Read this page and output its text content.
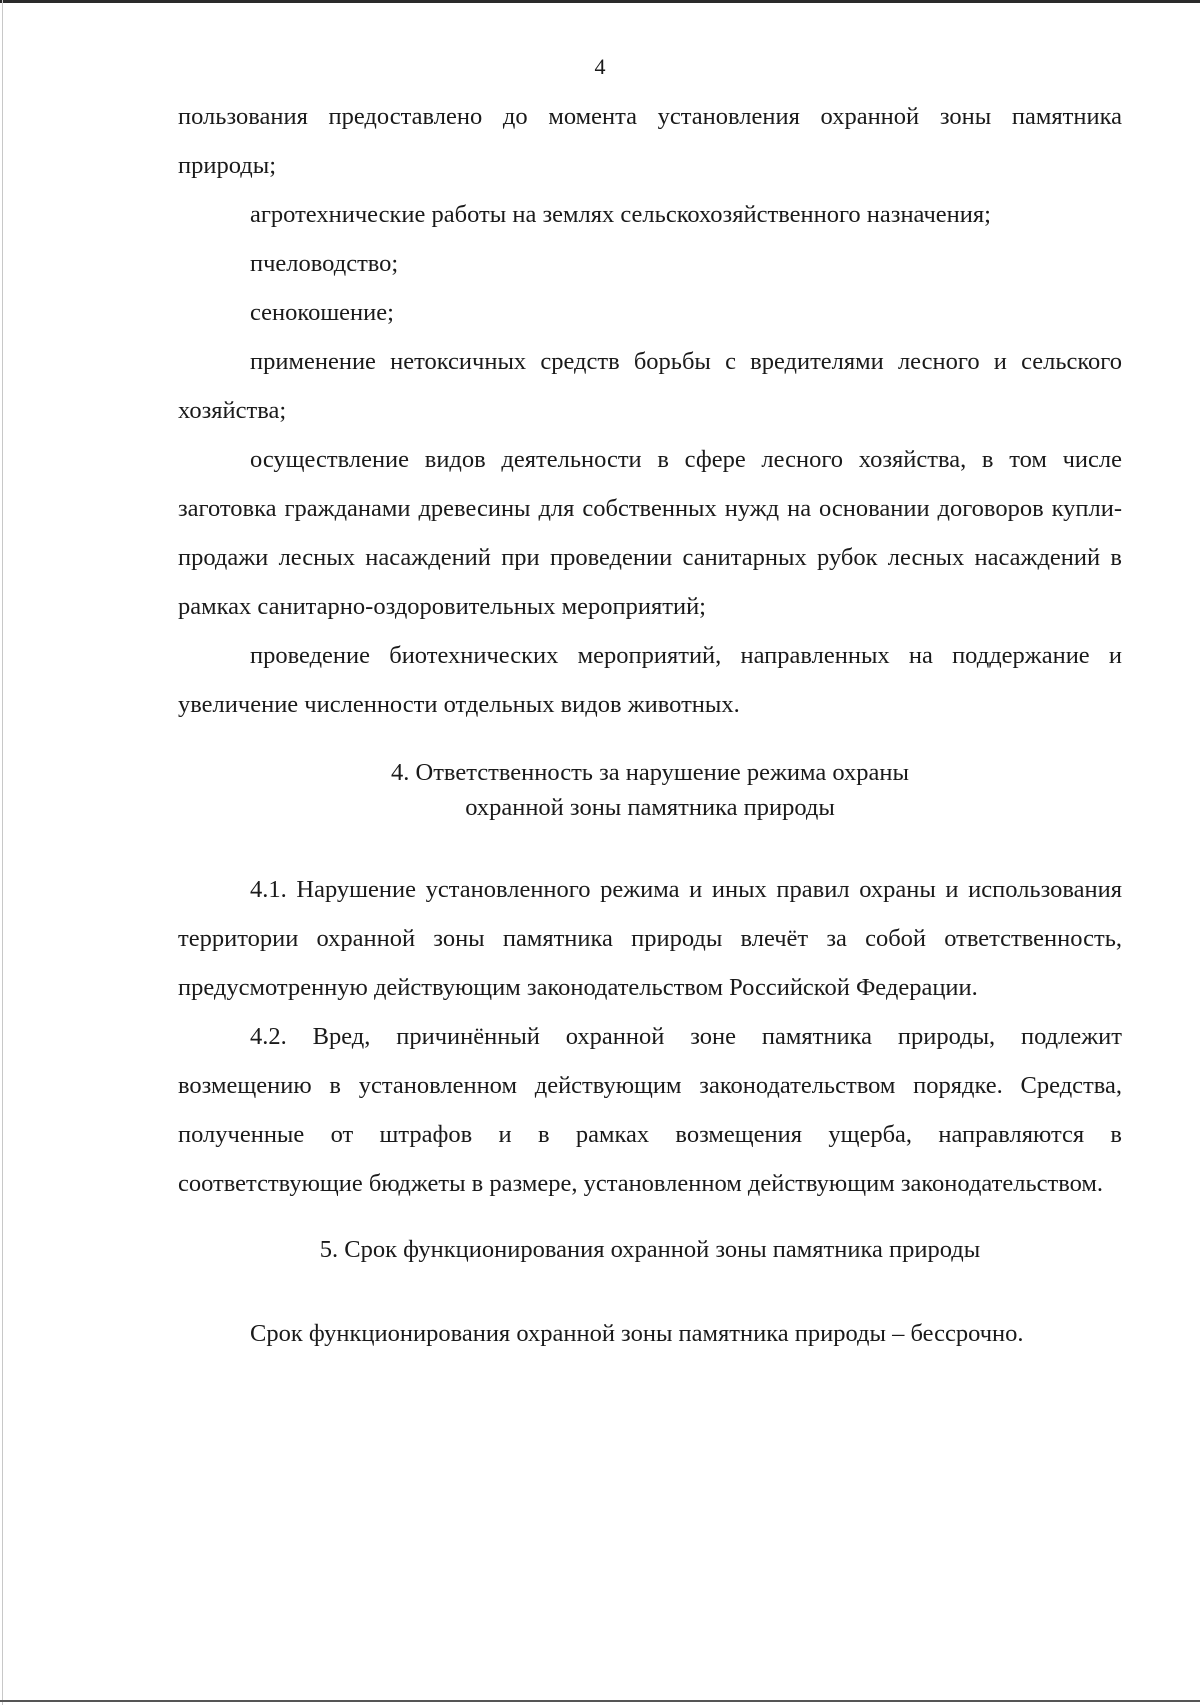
4

пользования предоставлено до момента установления охранной зоны памятника природы;

агротехнические работы на землях сельскохозяйственного назначения;

пчеловодство;

сенокошение;

применение нетоксичных средств борьбы с вредителями лесного и сельского хозяйства;

осуществление видов деятельности в сфере лесного хозяйства, в том числе заготовка гражданами древесины для собственных нужд на основании договоров купли-продажи лесных насаждений при проведении санитарных рубок лесных насаждений в рамках санитарно-оздоровительных мероприятий;

проведение биотехнических мероприятий, направленных на поддержание и увеличение численности отдельных видов животных.

4. Ответственность за нарушение режима охраны
охранной зоны памятника природы

4.1. Нарушение установленного режима и иных правил охраны и использования территории охранной зоны памятника природы влечёт за собой ответственность, предусмотренную действующим законодательством Российской Федерации.

4.2. Вред, причинённый охранной зоне памятника природы, подлежит возмещению в установленном действующим законодательством порядке. Средства, полученные от штрафов и в рамках возмещения ущерба, направляются в соответствующие бюджеты в размере, установленном действующим законодательством.

5. Срок функционирования охранной зоны памятника природы

Срок функционирования охранной зоны памятника природы – бессрочно.
